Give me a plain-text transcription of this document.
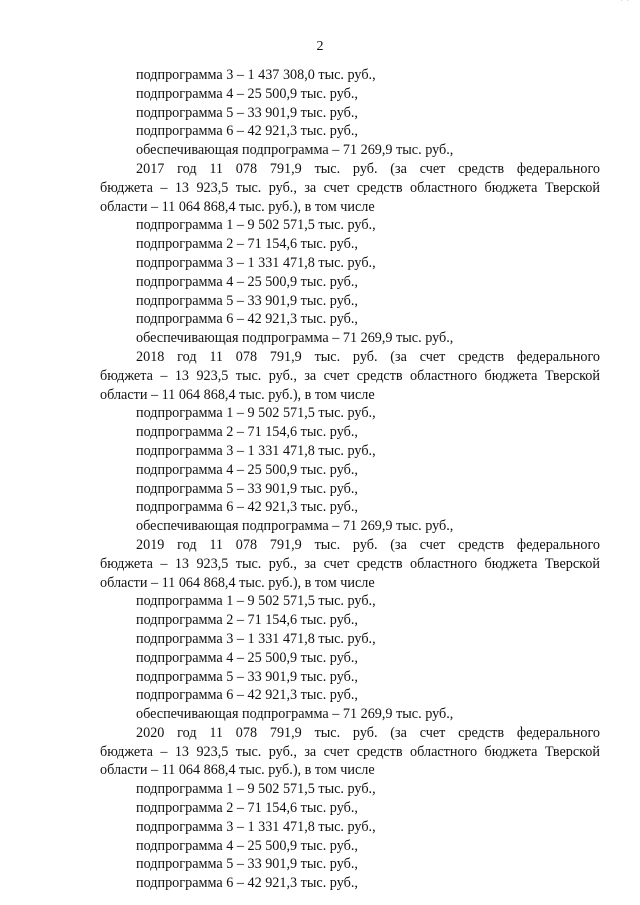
· ·
2
подпрограмма 3 – 1 437 308,0 тыс. руб.,
подпрограмма 4 – 25 500,9 тыс. руб.,
подпрограмма 5 – 33 901,9 тыс. руб.,
подпрограмма 6 – 42 921,3 тыс. руб.,
обеспечивающая подпрограмма – 71 269,9 тыс. руб.,
2017 год 11 078 791,9 тыс. руб. (за счет средств федерального
бюджета – 13 923,5 тыс. руб., за счет средств областного бюджета Тверской
области – 11 064 868,4 тыс. руб.), в том числе
подпрограмма 1 – 9 502 571,5 тыс. руб.,
подпрограмма 2 – 71 154,6 тыс. руб.,
подпрограмма 3 – 1 331 471,8 тыс. руб.,
подпрограмма 4 – 25 500,9 тыс. руб.,
подпрограмма 5 – 33 901,9 тыс. руб.,
подпрограмма 6 – 42 921,3 тыс. руб.,
обеспечивающая подпрограмма – 71 269,9 тыс. руб.,
2018 год 11 078 791,9 тыс. руб. (за счет средств федерального
бюджета – 13 923,5 тыс. руб., за счет средств областного бюджета Тверской
области – 11 064 868,4 тыс. руб.), в том числе
подпрограмма 1 – 9 502 571,5 тыс. руб.,
подпрограмма 2 – 71 154,6 тыс. руб.,
подпрограмма 3 – 1 331 471,8 тыс. руб.,
подпрограмма 4 – 25 500,9 тыс. руб.,
подпрограмма 5 – 33 901,9 тыс. руб.,
подпрограмма 6 – 42 921,3 тыс. руб.,
обеспечивающая подпрограмма – 71 269,9 тыс. руб.,
2019 год 11 078 791,9 тыс. руб. (за счет средств федерального
бюджета – 13 923,5 тыс. руб., за счет средств областного бюджета Тверской
области – 11 064 868,4 тыс. руб.), в том числе
подпрограмма 1 – 9 502 571,5 тыс. руб.,
подпрограмма 2 – 71 154,6 тыс. руб.,
подпрограмма 3 – 1 331 471,8 тыс. руб.,
подпрограмма 4 – 25 500,9 тыс. руб.,
подпрограмма 5 – 33 901,9 тыс. руб.,
подпрограмма 6 – 42 921,3 тыс. руб.,
обеспечивающая подпрограмма – 71 269,9 тыс. руб.,
2020 год 11 078 791,9 тыс. руб. (за счет средств федерального
бюджета – 13 923,5 тыс. руб., за счет средств областного бюджета Тверской
области – 11 064 868,4 тыс. руб.), в том числе
подпрограмма 1 – 9 502 571,5 тыс. руб.,
подпрограмма 2 – 71 154,6 тыс. руб.,
подпрограмма 3 – 1 331 471,8 тыс. руб.,
подпрограмма 4 – 25 500,9 тыс. руб.,
подпрограмма 5 – 33 901,9 тыс. руб.,
подпрограмма 6 – 42 921,3 тыс. руб.,
